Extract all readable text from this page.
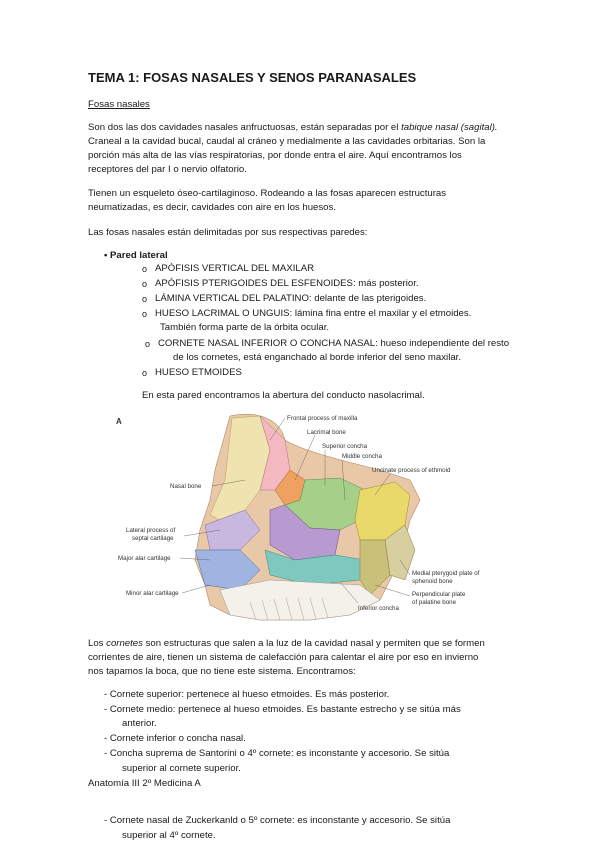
TEMA 1: FOSAS NASALES Y SENOS PARANASALES
Fosas nasales
Son dos las dos cavidades nasales anfructuosas, están separadas por el tabique nasal (sagital).
Craneal a la cavidad bucal, caudal al cráneo y medialmente a las cavidades orbitarias. Son la
porción más alta de las vías respiratorias, por donde entra el aire. Aquí encontramos los
receptores del par I o nervio olfatorio.
Tienen un esqueleto óseo-cartilaginoso. Rodeando a las fosas aparecen estructuras
neumatizadas, es decir, cavidades con aire en los huesos.
Las fosas nasales están delimitadas por sus respectivas paredes:
• Pared lateral
o APÓFISIS VERTICAL DEL MAXILAR
o APÓFISIS PTERIGOIDES DEL ESFENOIDES: más posterior.
o LÁMINA VERTICAL DEL PALATINO: delante de las pterigoides.
o HUESO LACRIMAL O UNGUIS: lámina fina entre el maxilar y el etmoides.
También forma parte de la órbita ocular.
o CORNETE NASAL INFERIOR O CONCHA NASAL: hueso independiente del resto
de los cornetes, está enganchado al borde inferior del seno maxilar.
o HUESO ETMOIDES
En esta pared encontramos la abertura del conducto nasolacrimal.
A	Frontal process of maxilla
Lacrimal bone
Superior concha
Middle concha
Uncinate process of ethmoid
Nasal bone
Lateral process of
septal cartilage
Major alar cartilage
Minor alar cartilage
Medial pterygoid plate of
sphenoid bone
Perpendicular plate
of palatine bone
Inferior concha
Los cornetes son estructuras que salen a la luz de la cavidad nasal y permiten que se formen
corrientes de aire, tienen un sistema de calefacción para calentar el aire por eso en invierno
nos tapamos la boca, que no tiene este sistema. Encontramos:
- Cornete superior: pertenece al hueso etmoides. Es más posterior.
- Cornete medio: pertenece al hueso etmoides. Es bastante estrecho y se sitúa más
anterior.
- Cornete inferior o concha nasal.
- Concha suprema de Santorini o 4º cornete: es inconstante y accesorio. Se sitúa
superior al cornete superior.
Anatomía III 2º Medicina A
- Cornete nasal de Zuckerkanld o 5º cornete: es inconstante y accesorio. Se sitúa
superior al 4º cornete.
